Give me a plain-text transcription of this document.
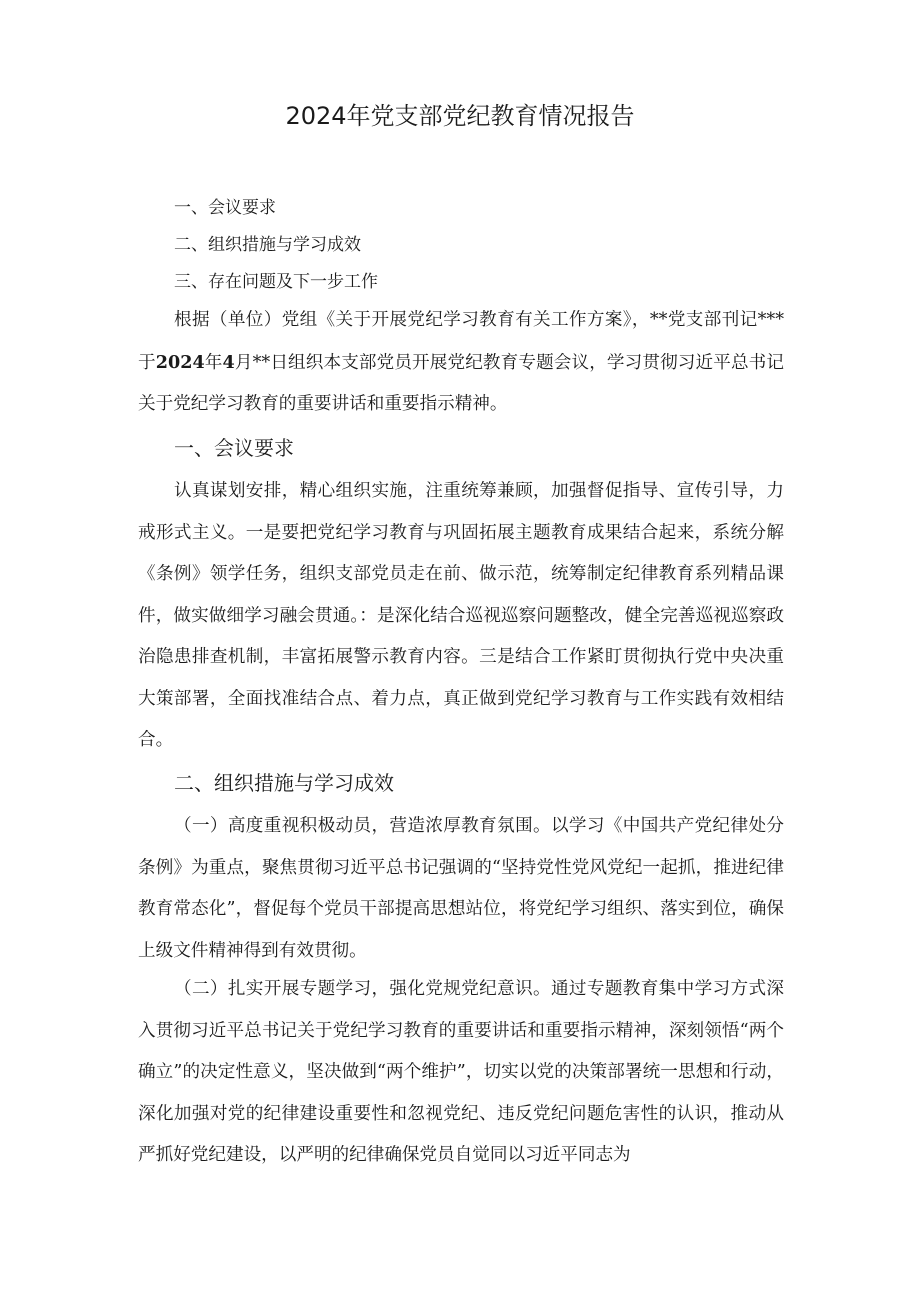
2024年党支部党纪教育情况报告
一、会议要求
二、组织措施与学习成效
三、存在问题及下一步工作

根据（单位）党组《关于开展党纪学习教育有关工作方案》，**党支部刊记***于2024年4月**日组织本支部党员开展党纪教育专题会议，学习贯彻习近平总书记关于党纪学习教育的重要讲话和重要指示精神。

一、会议要求

认真谋划安排，精心组织实施，注重统筹兼顾，加强督促指导、宣传引导，力戒形式主义。一是要把党纪学习教育与巩固拓展主题教育成果结合起来，系统分解《条例》领学任务，组织支部党员走在前、做示范，统筹制定纪律教育系列精品课件，做实做细学习融会贯通。：是深化结合巡视巡察问题整改，健全完善巡视巡察政治隐患排查机制，丰富拓展警示教育内容。三是结合工作紧盯贯彻执行党中央决重大策部署，全面找准结合点、着力点，真正做到党纪学习教育与工作实践有效相结合。

二、组织措施与学习成效

（一）高度重视积极动员，营造浓厚教育氛围。以学习《中国共产党纪律处分条例》为重点，聚焦贯彻习近平总书记强调的“坚持党性党风党纪一起抓，推进纪律教育常态化”，督促每个党员干部提高思想站位，将党纪学习组织、落实到位，确保上级文件精神得到有效贯彻。

（二）扎实开展专题学习，强化党规党纪意识。通过专题教育集中学习方式深入贯彻习近平总书记关于党纪学习教育的重要讲话和重要指示精神，深刻领悟“两个确立”的决定性意义，坚决做到“两个维护”，切实以党的决策部署统一思想和行动，深化加强对党的纪律建设重要性和忽视党纪、违反党纪问题危害性的认识，推动从严抓好党纪建设，以严明的纪律确保党员自觉同以习近平同志为
